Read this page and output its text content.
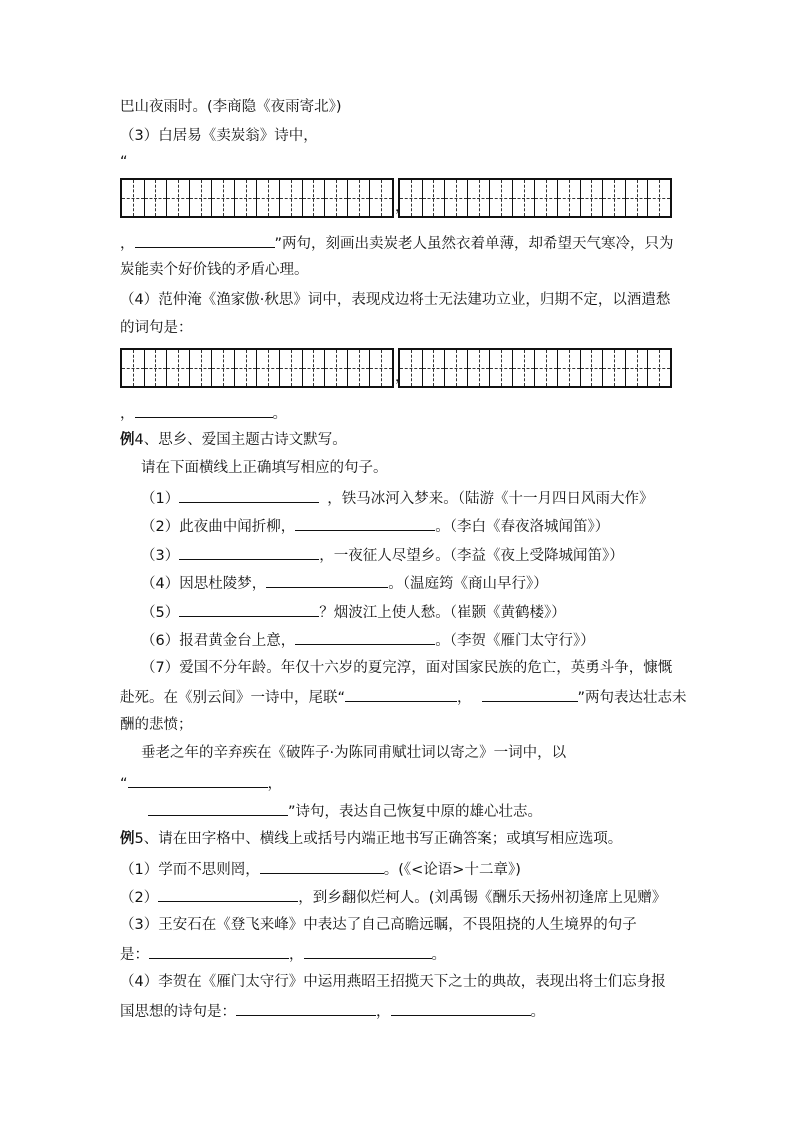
巴山夜雨时。(李商隐《夜雨寄北》)
（3）白居易《卖炭翁》诗中，
“
，
，	”两句，刻画出卖炭老人虽然衣着单薄，却希望天气寒冷，只为
炭能卖个好价钱的矛盾心理。
（4）范仲淹《渔家傲·秋思》词中，表现戍边将士无法建功立业，归期不定，以酒遣愁
的词句是：
，
，	。
例4、思乡、爱国主题古诗文默写。
请在下面横线上正确填写相应的句子。
（1）	，铁马冰河入梦来。（陆游《十一月四日风雨大作》
（2）此夜曲中闻折柳，	。（李白《春夜洛城闻笛》）
（3）	，一夜征人尽望乡。（李益《夜上受降城闻笛》）
（4）因思杜陵梦，	。（温庭筠《商山早行》）
（5）	？烟波江上使人愁。（崔颢《黄鹤楼》）
（6）报君黄金台上意，	。（李贺《雁门太守行》）
（7）爱国不分年龄。年仅十六岁的夏完淳，面对国家民族的危亡，英勇斗争，慷慨
赴死。在《别云间》一诗中，尾联“	，	”两句表达壮志未
酬的悲愤；
垂老之年的辛弃疾在《破阵子·为陈同甫赋壮词以寄之》一词中，以
“	，
”诗句，表达自己恢复中原的雄心壮志。
例5、请在田字格中、横线上或括号内端正地书写正确答案；或填写相应选项。
（1）学而不思则罔，	。(《<论语>十二章》)
（2）	，到乡翻似烂柯人。(刘禹锡《酬乐天扬州初逢席上见赠》
（3）王安石在《登飞来峰》中表达了自己高瞻远瞩，不畏阻挠的人生境界的句子
是：	，	。
（4）李贺在《雁门太守行》中运用燕昭王招揽天下之士的典故，表现出将士们忘身报
国思想的诗句是：	，	。
